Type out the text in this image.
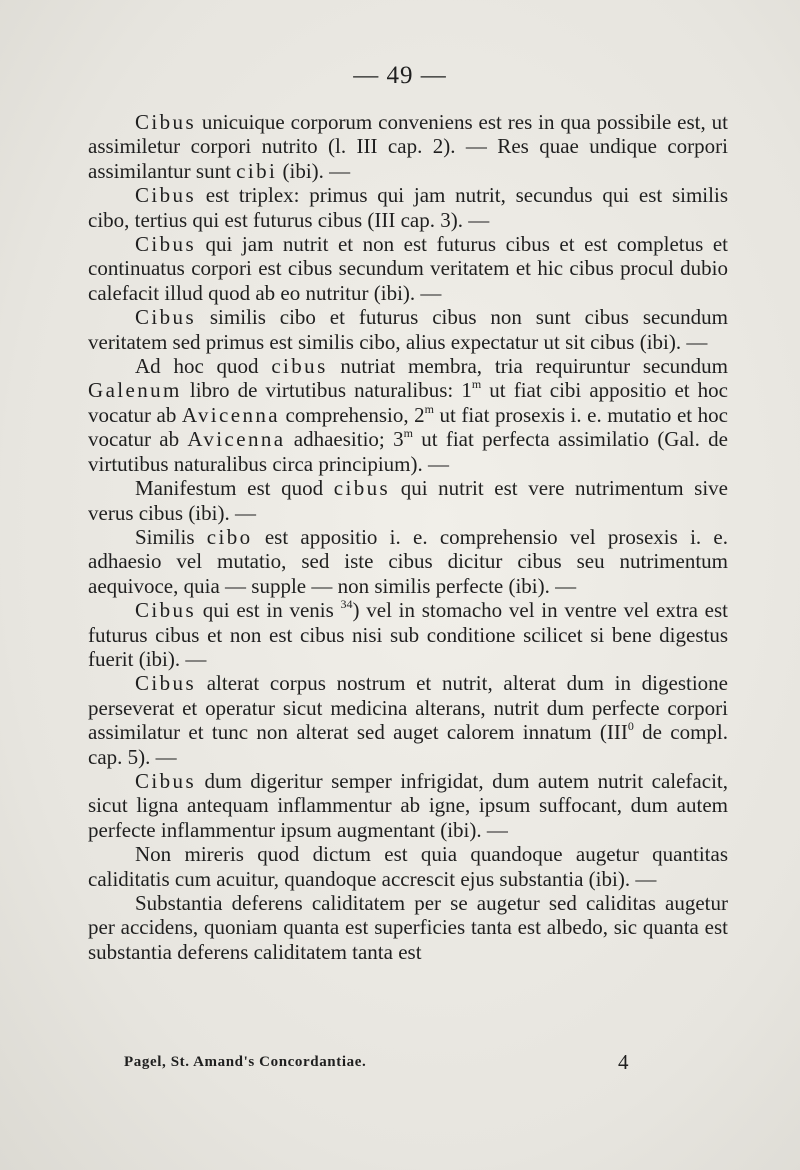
— 49 —

Cibus unicuique corporum conveniens est res in qua possibile est, ut assimiletur corpori nutrito (l. III cap. 2). — Res quae undique corpori assimilantur sunt cibi (ibi). —

Cibus est triplex: primus qui jam nutrit, secundus qui est similis cibo, tertius qui est futurus cibus (III cap. 3). —

Cibus qui jam nutrit et non est futurus cibus et est completus et continuatus corpori est cibus secundum veritatem et hic cibus procul dubio calefacit illud quod ab eo nutritur (ibi). —

Cibus similis cibo et futurus cibus non sunt cibus secundum veritatem sed primus est similis cibo, alius expectatur ut sit cibus (ibi). —

Ad hoc quod cibus nutriat membra, tria requiruntur secundum Galenum libro de virtutibus naturalibus: 1$^m$ ut fiat cibi appositio et hoc vocatur ab Avicenna comprehensio, 2$^m$ ut fiat prosexis i. e. mutatio et hoc vocatur ab Avicenna adhaesitio; 3$^m$ ut fiat perfecta assimilatio (Gal. de virtutibus naturalibus circa principium). —

Manifestum est quod cibus qui nutrit est vere nutrimentum sive verus cibus (ibi). —

Similis cibo est appositio i. e. comprehensio vel prosexis i. e. adhaesio vel mutatio, sed iste cibus dicitur cibus seu nutrimentum aequivoce, quia — supple — non similis perfecte (ibi). —

Cibus qui est in venis $^{34}$) vel in stomacho vel in ventre vel extra est futurus cibus et non est cibus nisi sub conditione scilicet si bene digestus fuerit (ibi). —

Cibus alterat corpus nostrum et nutrit, alterat dum in digestione perseverat et operatur sicut medicina alterans, nutrit dum perfecte corpori assimilatur et tunc non alterat sed auget calorem innatum (III$^0$ de compl. cap. 5). —

Cibus dum digeritur semper infrigidat, dum autem nutrit calefacit, sicut ligna antequam inflammentur ab igne, ipsum suffocant, dum autem perfecte inflammentur ipsum augmentant (ibi). —

Non mireris quod dictum est quia quandoque augetur quantitas caliditatis cum acuitur, quandoque accrescit ejus substantia (ibi). —

Substantia deferens caliditatem per se augetur sed caliditas augetur per accidens, quoniam quanta est superficies tanta est albedo, sic quanta est substantia deferens caliditatem tanta est

Pagel, St. Amand's Concordantiae.	4
